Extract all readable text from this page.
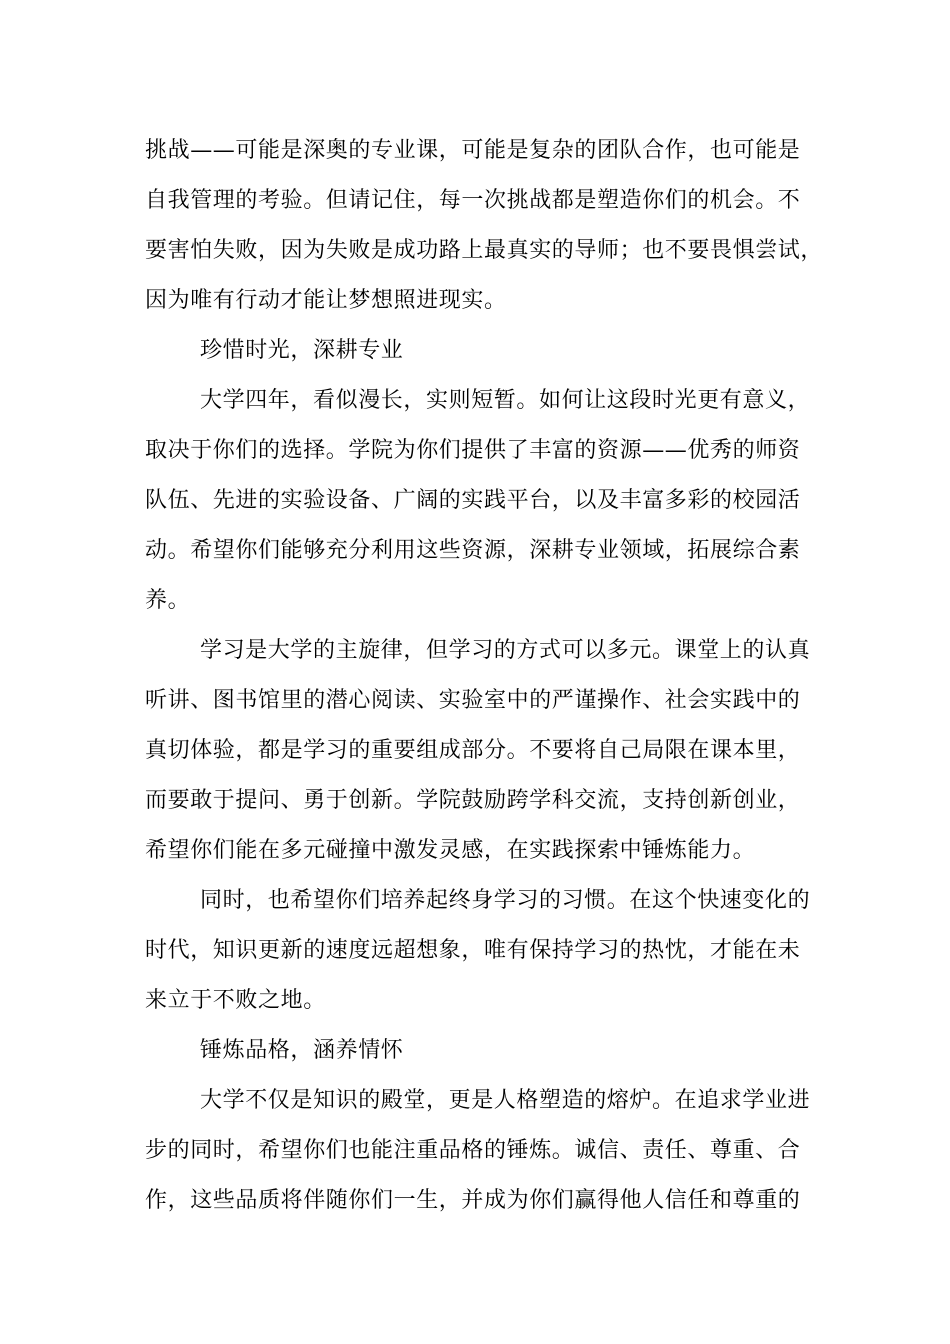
挑战——可能是深奥的专业课，可能是复杂的团队合作，也可能是
自我管理的考验。但请记住，每一次挑战都是塑造你们的机会。不
要害怕失败，因为失败是成功路上最真实的导师；也不要畏惧尝试，
因为唯有行动才能让梦想照进现实。
珍惜时光，深耕专业
大学四年，看似漫长，实则短暂。如何让这段时光更有意义，
取决于你们的选择。学院为你们提供了丰富的资源——优秀的师资
队伍、先进的实验设备、广阔的实践平台，以及丰富多彩的校园活
动。希望你们能够充分利用这些资源，深耕专业领域，拓展综合素
养。
学习是大学的主旋律，但学习的方式可以多元。课堂上的认真
听讲、图书馆里的潜心阅读、实验室中的严谨操作、社会实践中的
真切体验，都是学习的重要组成部分。不要将自己局限在课本里，
而要敢于提问、勇于创新。学院鼓励跨学科交流，支持创新创业，
希望你们能在多元碰撞中激发灵感，在实践探索中锤炼能力。
同时，也希望你们培养起终身学习的习惯。在这个快速变化的
时代，知识更新的速度远超想象，唯有保持学习的热忱，才能在未
来立于不败之地。
锤炼品格，涵养情怀
大学不仅是知识的殿堂，更是人格塑造的熔炉。在追求学业进
步的同时，希望你们也能注重品格的锤炼。诚信、责任、尊重、合
作，这些品质将伴随你们一生，并成为你们赢得他人信任和尊重的
